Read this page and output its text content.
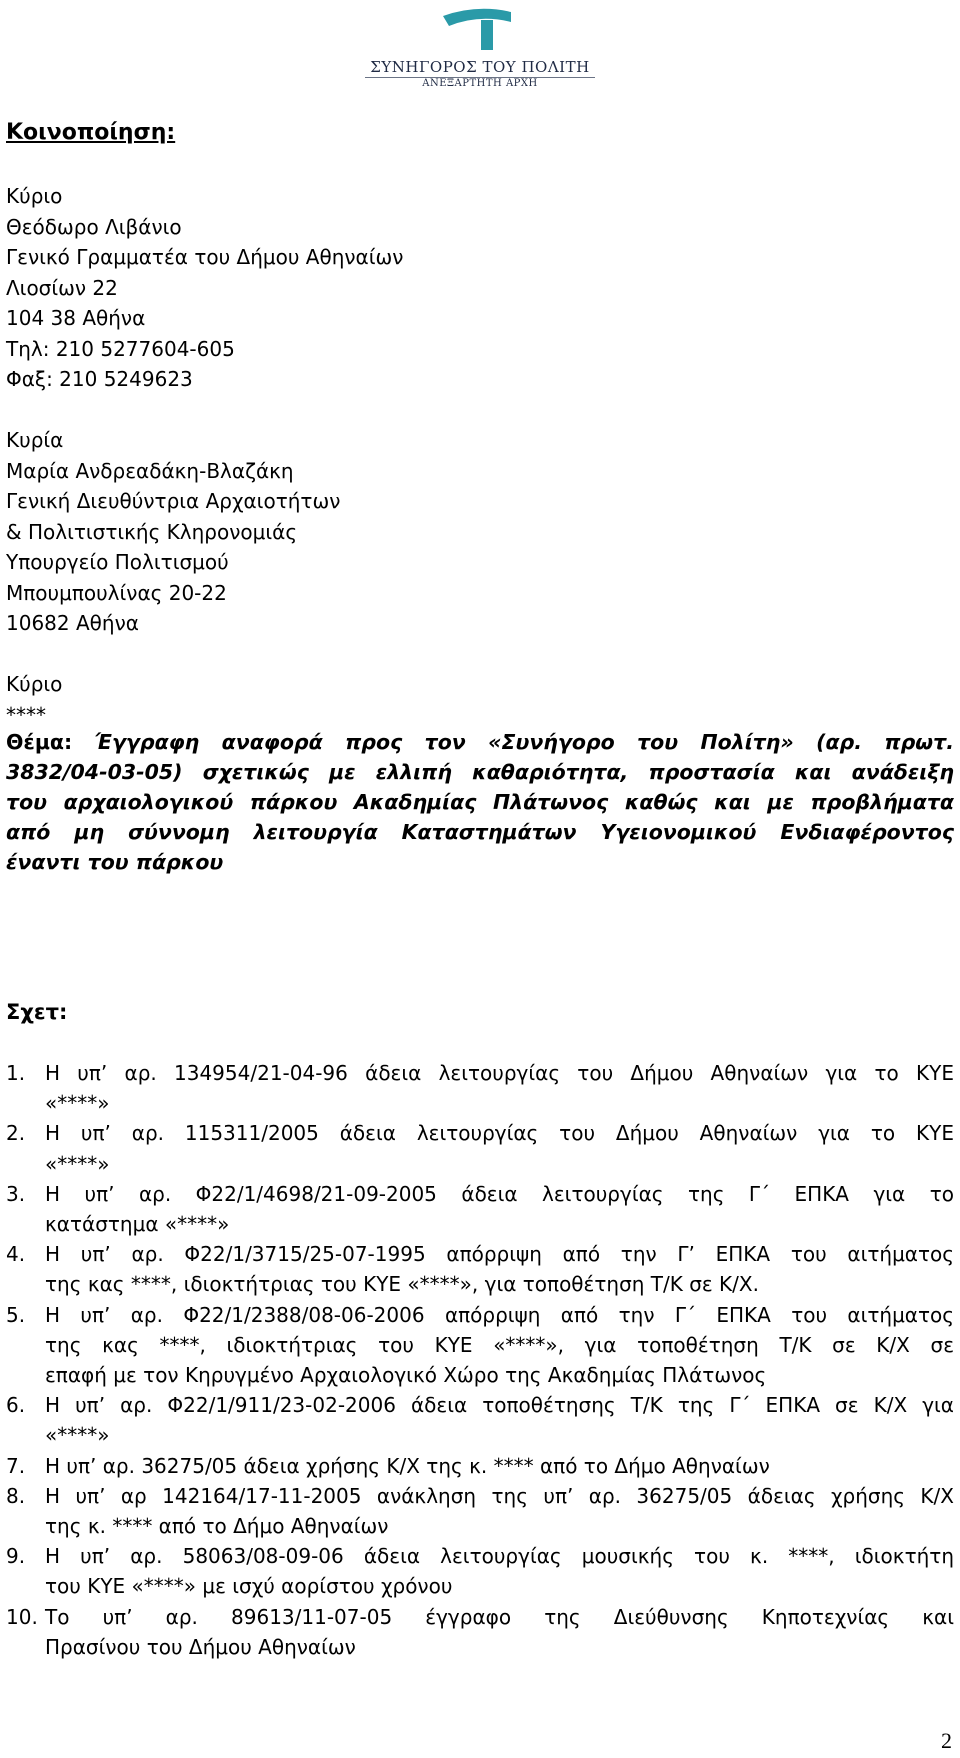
ΣΥΝΗΓΟΡΟΣ ΤΟΥ ΠΟΛΙΤΗ
ΑΝΕΞΑΡΤΗΤΗ ΑΡΧΗ
Κοινοποίηση:
Κύριο
Θεόδωρο Λιβάνιο
Γενικό Γραμματέα του Δήμου Αθηναίων
Λιοσίων 22
104 38 Αθήνα
Τηλ: 210 5277604-605
Φαξ: 210 5249623
Κυρία
Μαρία Ανδρεαδάκη-Βλαζάκη
Γενική Διευθύντρια Αρχαιοτήτων
& Πολιτιστικής Κληρονομιάς
Υπουργείο Πολιτισμού
Μπουμπουλίνας 20-22
10682 Αθήνα
Κύριο
****
Θέμα: Έγγραφη αναφορά προς τον «Συνήγορο του Πολίτη» (αρ. πρωτ.
3832/04-03-05) σχετικώς με ελλιπή καθαριότητα, προστασία και ανάδειξη
του αρχαιολογικού πάρκου Ακαδημίας Πλάτωνος καθώς και με προβλήματα
από μη σύννομη λειτουργία Καταστημάτων Υγειονομικού Ενδιαφέροντος
έναντι του πάρκου
Σχετ:
1. Η υπ’ αρ. 134954/21-04-96 άδεια λειτουργίας του Δήμου Αθηναίων για το ΚΥΕ
«****»
2. Η υπ’ αρ. 115311/2005 άδεια λειτουργίας του Δήμου Αθηναίων για το ΚΥΕ
«****»
3. Η υπ’ αρ. Φ22/1/4698/21-09-2005 άδεια λειτουργίας της Γ΄ ΕΠΚΑ για το
κατάστημα «****»
4. Η υπ’ αρ. Φ22/1/3715/25-07-1995 απόρριψη από την Γ’ ΕΠΚΑ του αιτήματος
της κας ****, ιδιοκτήτριας του ΚΥΕ «****», για τοποθέτηση Τ/Κ σε Κ/Χ.
5. Η υπ’ αρ. Φ22/1/2388/08-06-2006 απόρριψη από την Γ΄ ΕΠΚΑ του αιτήματος
της κας ****, ιδιοκτήτριας του ΚΥΕ «****», για τοποθέτηση Τ/Κ σε Κ/Χ σε
επαφή με τον Κηρυγμένο Αρχαιολογικό Χώρο της Ακαδημίας Πλάτωνος
6. Η υπ’ αρ. Φ22/1/911/23-02-2006 άδεια τοποθέτησης Τ/Κ της Γ΄ ΕΠΚΑ σε Κ/Χ για
«****»
7. Η υπ’ αρ. 36275/05 άδεια χρήσης Κ/Χ της κ. **** από το Δήμο Αθηναίων
8. Η υπ’ αρ 142164/17-11-2005 ανάκληση της υπ’ αρ. 36275/05 άδειας χρήσης Κ/Χ
της κ. **** από το Δήμο Αθηναίων
9. Η υπ’ αρ. 58063/08-09-06 άδεια λειτουργίας μουσικής του κ. ****, ιδιοκτήτη
του ΚΥΕ «****» με ισχύ αορίστου χρόνου
10. Το υπ’ αρ. 89613/11-07-05 έγγραφο της Διεύθυνσης Κηποτεχνίας και
Πρασίνου του Δήμου Αθηναίων
2
